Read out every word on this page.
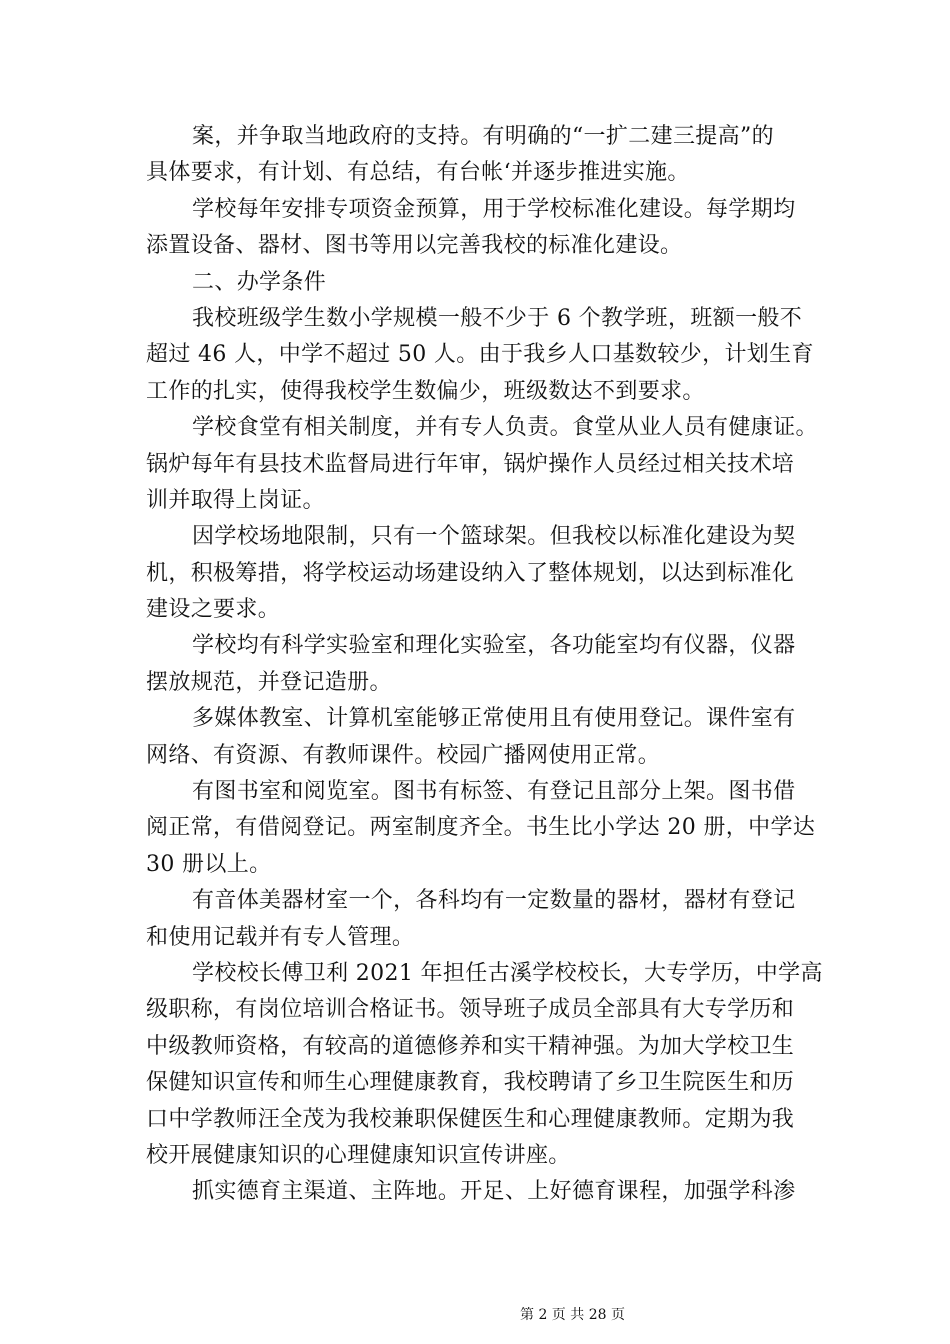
案，并争取当地政府的支持。有明确的“一扩二建三提高”的
具体要求，有计划、有总结，有台帐‘并逐步推进实施。
学校每年安排专项资金预算，用于学校标准化建设。每学期均
添置设备、器材、图书等用以完善我校的标准化建设。
二、办学条件
我校班级学生数小学规模一般不少于 6 个教学班，班额一般不
超过 46 人，中学不超过 50 人。由于我乡人口基数较少，计划生育
工作的扎实，使得我校学生数偏少，班级数达不到要求。
学校食堂有相关制度，并有专人负责。食堂从业人员有健康证。
锅炉每年有县技术监督局进行年审，锅炉操作人员经过相关技术培
训并取得上岗证。
因学校场地限制，只有一个篮球架。但我校以标准化建设为契
机，积极筹措，将学校运动场建设纳入了整体规划，以达到标准化
建设之要求。
学校均有科学实验室和理化实验室，各功能室均有仪器，仪器
摆放规范，并登记造册。
多媒体教室、计算机室能够正常使用且有使用登记。课件室有
网络、有资源、有教师课件。校园广播网使用正常。
有图书室和阅览室。图书有标签、有登记且部分上架。图书借
阅正常，有借阅登记。两室制度齐全。书生比小学达 20 册，中学达
30 册以上。
有音体美器材室一个，各科均有一定数量的器材，器材有登记
和使用记载并有专人管理。
学校校长傅卫利 2021 年担任古溪学校校长，大专学历，中学高
级职称，有岗位培训合格证书。领导班子成员全部具有大专学历和
中级教师资格，有较高的道德修养和实干精神强。为加大学校卫生
保健知识宣传和师生心理健康教育，我校聘请了乡卫生院医生和历
口中学教师汪全茂为我校兼职保健医生和心理健康教师。定期为我
校开展健康知识的心理健康知识宣传讲座。
抓实德育主渠道、主阵地。开足、上好德育课程，加强学科渗
第 2 页 共 28 页
